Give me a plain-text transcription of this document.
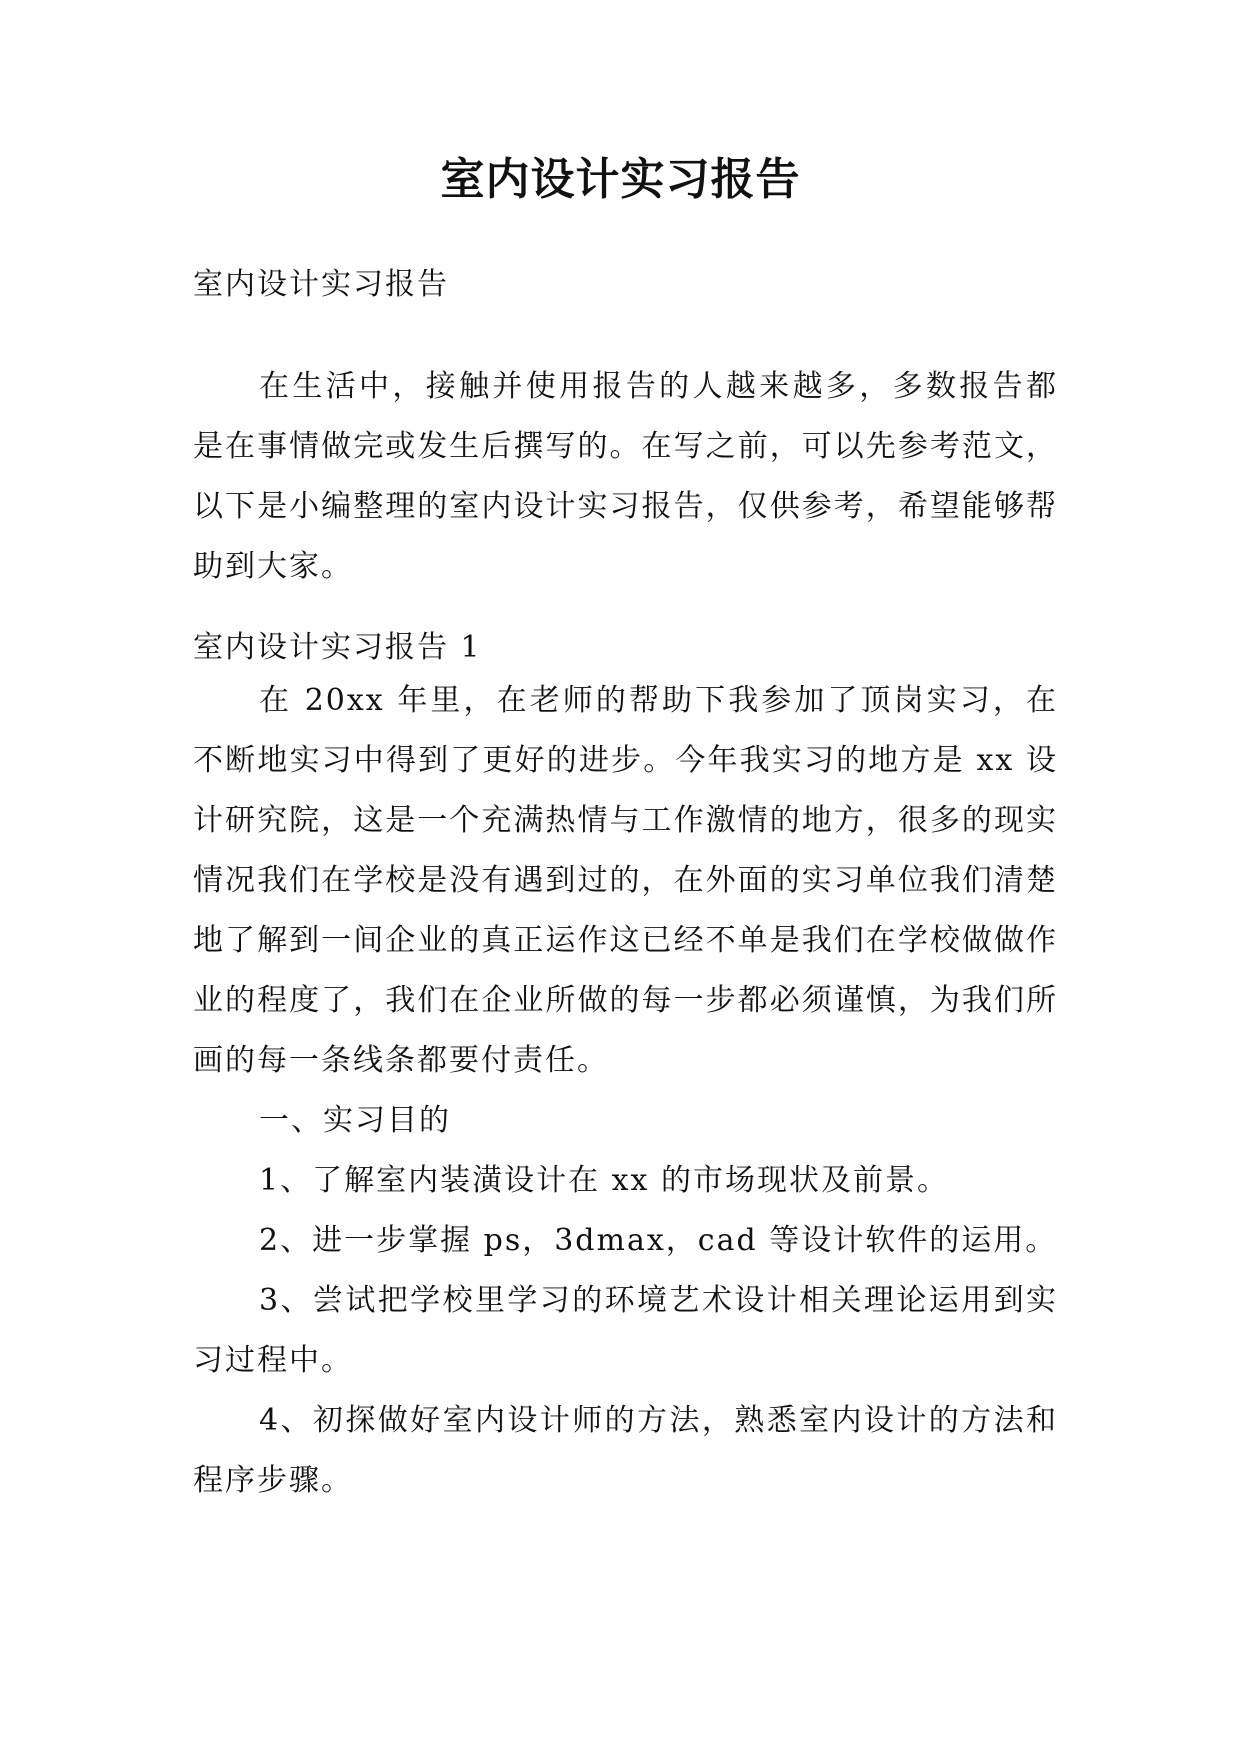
室内设计实习报告
室内设计实习报告

在生活中，接触并使用报告的人越来越多，多数报告都是在事情做完或发生后撰写的。在写之前，可以先参考范文，以下是小编整理的室内设计实习报告，仅供参考，希望能够帮助到大家。

室内设计实习报告 1

在 20xx 年里，在老师的帮助下我参加了顶岗实习，在不断地实习中得到了更好的进步。今年我实习的地方是 xx 设计研究院，这是一个充满热情与工作激情的地方，很多的现实情况我们在学校是没有遇到过的，在外面的实习单位我们清楚地了解到一间企业的真正运作这已经不单是我们在学校做做作业的程度了，我们在企业所做的每一步都必须谨慎，为我们所画的每一条线条都要付责任。

一、实习目的

1、了解室内装潢设计在 xx 的市场现状及前景。

2、进一步掌握 ps，3dmax，cad 等设计软件的运用。

3、尝试把学校里学习的环境艺术设计相关理论运用到实习过程中。

4、初探做好室内设计师的方法，熟悉室内设计的方法和程序步骤。
